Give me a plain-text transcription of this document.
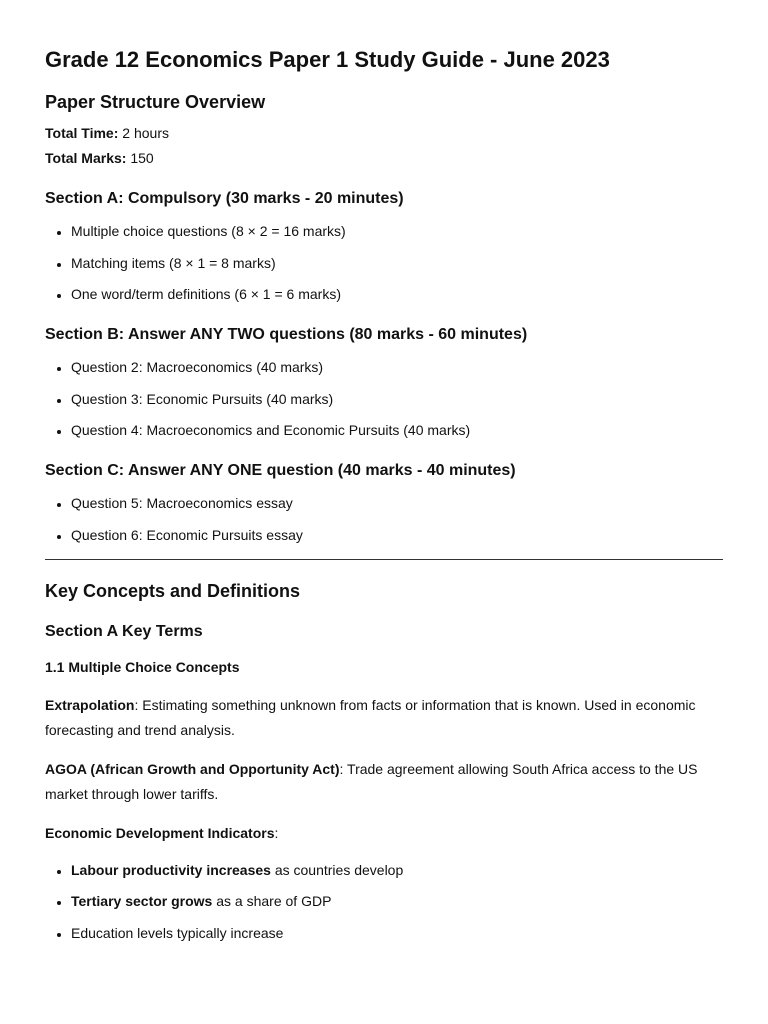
Grade 12 Economics Paper 1 Study Guide - June 2023
Paper Structure Overview

Total Time: 2 hours

Total Marks: 150

Section A: Compulsory (30 marks - 20 minutes)
• Multiple choice questions (8 × 2 = 16 marks)
• Matching items (8 × 1 = 8 marks)
• One word/term definitions (6 × 1 = 6 marks)
Section B: Answer ANY TWO questions (80 marks - 60 minutes)
• Question 2: Macroeconomics (40 marks)
• Question 3: Economic Pursuits (40 marks)
• Question 4: Macroeconomics and Economic Pursuits (40 marks)
Section C: Answer ANY ONE question (40 marks - 40 minutes)
• Question 5: Macroeconomics essay
• Question 6: Economic Pursuits essay
Key Concepts and Definitions
Section A Key Terms
1.1 Multiple Choice Concepts

Extrapolation: Estimating something unknown from facts or information that is known. Used in economic forecasting and trend analysis.

AGOA (African Growth and Opportunity Act): Trade agreement allowing South Africa access to the US market through lower tariffs.

Economic Development Indicators:

• Labour productivity increases as countries develop
• Tertiary sector grows as a share of GDP
• Education levels typically increase
